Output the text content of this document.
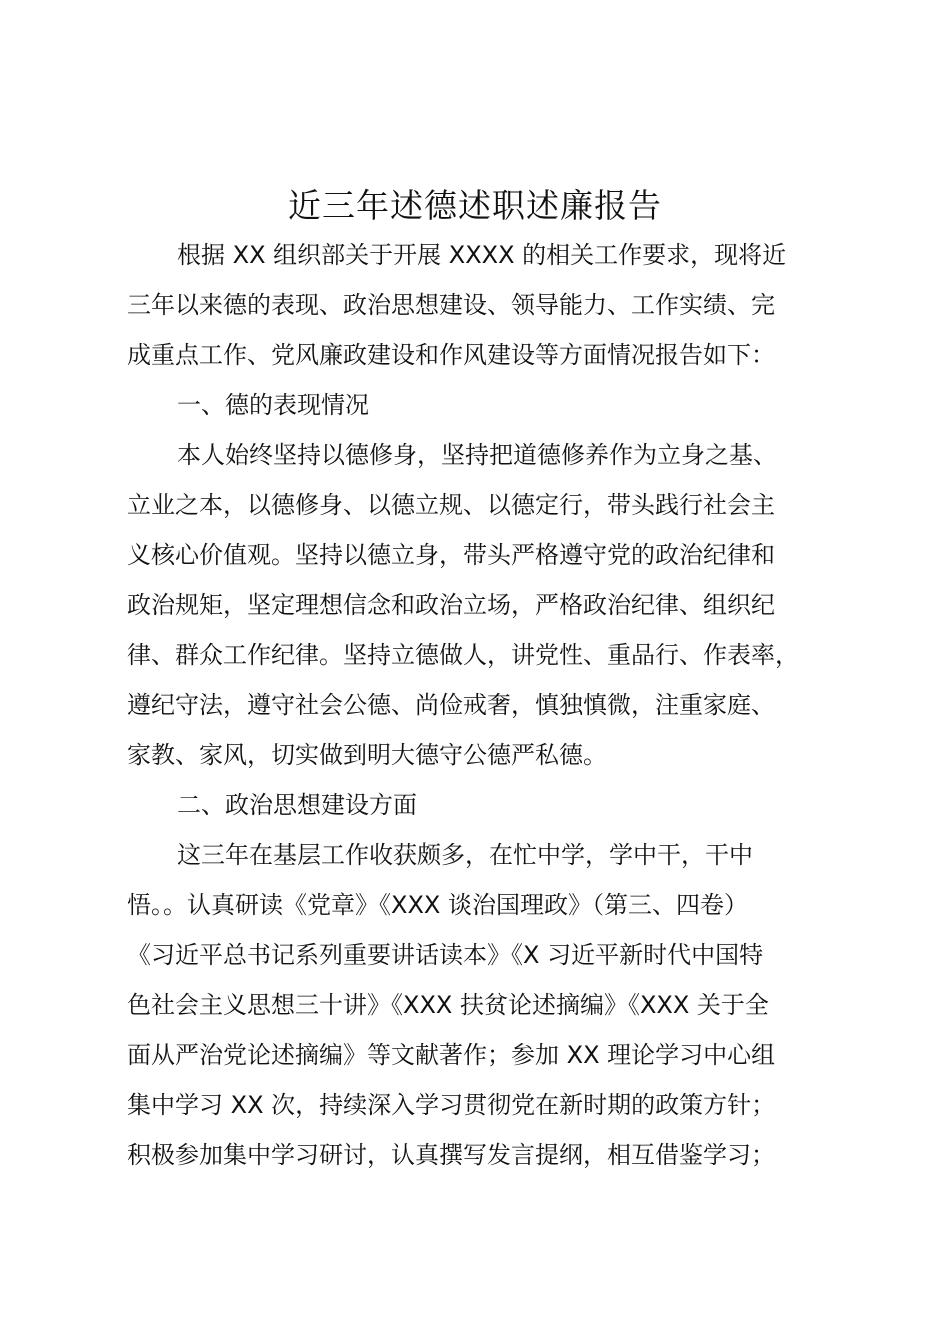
近三年述德述职述廉报告
根据 XX 组织部关于开展 XXXX 的相关工作要求，现将近
三年以来德的表现、政治思想建设、领导能力、工作实绩、完
成重点工作、党风廉政建设和作风建设等方面情况报告如下：
一、德的表现情况
本人始终坚持以德修身，坚持把道德修养作为立身之基、
立业之本，以德修身、以德立规、以德定行，带头践行社会主
义核心价值观。坚持以德立身，带头严格遵守党的政治纪律和
政治规矩，坚定理想信念和政治立场，严格政治纪律、组织纪
律、群众工作纪律。坚持立德做人，讲党性、重品行、作表率，
遵纪守法，遵守社会公德、尚俭戒奢，慎独慎微，注重家庭、
家教、家风，切实做到明大德守公德严私德。
二、政治思想建设方面
这三年在基层工作收获颇多，在忙中学，学中干，干中
悟。。认真研读《党章》《XXX 谈治国理政》（第三、四卷）
《习近平总书记系列重要讲话读本》《X 习近平新时代中国特
色社会主义思想三十讲》《XXX 扶贫论述摘编》《XXX 关于全
面从严治党论述摘编》等文献著作；参加 XX 理论学习中心组
集中学习 XX 次，持续深入学习贯彻党在新时期的政策方针；
积极参加集中学习研讨，认真撰写发言提纲，相互借鉴学习；
